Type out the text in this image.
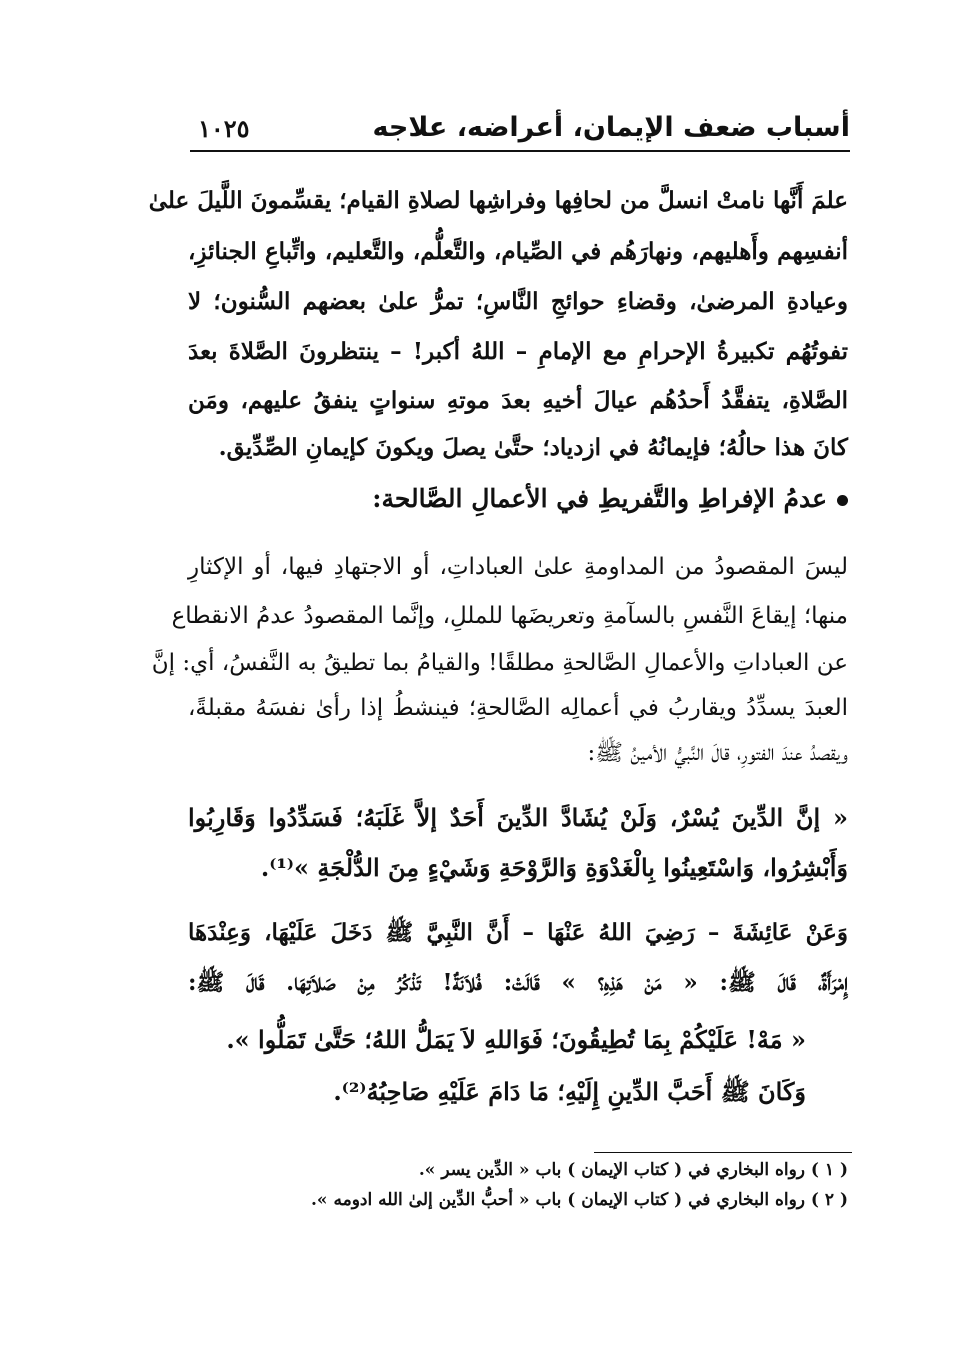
أسباب ضعف الإيمان، أعراضه، علاجه
١٠٢٥
علمَ أَنَّها نامتْ انسلَّ من لحافِها وفراشِها لصلاةِ القيام؛ يقسِّمونَ اللَّيلَ علىٰ
أنفسِهم وأَهليهم، ونهارَهُم في الصِّيام، والتَّعلُّم، والتَّعليم، واتِّباعِ الجنائزِ،
وعيادةِ المرضىٰ، وقضاءِ حوائجِ النَّاسِ؛ تمرُّ علىٰ بعضهم السُّنون؛ لا
تفوتُهُم تكبيرةُ الإحرامِ مع الإمامِ – اللهُ أكبر! – ينتظرونَ الصَّلاةَ بعدَ
الصَّلاةِ، يتفقَّدُ أَحدُهُم عيالَ أخيهِ بعدَ موتهِ سنواتٍ ينفقُ عليهم، ومَن
كانَ هذا حالُهُ؛ فإيمانُهُ في ازدياد؛ حتَّىٰ يصلَ ويكونَ كإيمانِ الصِّدِّيق.
عدمُ الإفراطِ والتَّفريطِ في الأعمالِ الصَّالحة:
ليسَ المقصودُ من المداومةِ علىٰ العباداتِ، أو الاجتهادِ فيها، أو الإكثارِ
منها؛ إيقاعَ النَّفسِ بالسآمةِ وتعريضَها للمللِ، وإنَّما المقصودُ عدمُ الانقطاع
عن العباداتِ والأعمالِ الصَّالحةِ مطلقًا! والقيامُ بما تطيقُ به النَّفسُ، أي: إنَّ
العبدَ يسدِّدُ ويقاربُ في أعمالِه الصَّالحةِ؛ فينشطُ إذا رأىٰ نفسَهُ مقبلةً،
ويقصدُ عندَ الفتورِ، قالَ النَّبيُّ الأمينُ ﷺ:
« إنَّ الدِّينَ يُسْرٌ، وَلَنْ يُشَادَّ الدِّينَ أَحَدٌ إلاَّ غَلَبَهُ؛ فَسَدِّدُوا وَقَارِبُوا
وَأَبْشِرُوا، وَاسْتَعِينُوا بِالْغَدْوَةِ وَالرَّوْحَةِ وَشَيْءٍ مِنَ الدُّلْجَةِ »⁽¹⁾.
وَعَنْ عَائِشَةَ – رَضِيَ اللهُ عَنْهَا – أَنَّ النَّبِيَّ ﷺ دَخَلَ عَلَيْهَا، وَعِنْدَهَا
إِمْرَأَةٌ، قَالَ ﷺ: « مَنْ هَذِهِ؟ » قَالَتْ: فُلاَنَةٌ! تَذْكُرُ مِنْ صَلاَتِهَا. قَالَ ﷺ:
« مَهْ! عَلَيْكُمْ بِمَا تُطِيقُونَ؛ فَوَاللهِ لاَ يَمَلُّ اللهُ؛ حَتَّىٰ تَمَلُّوا ».
وَكَانَ ﷺ أَحَبَّ الدِّينِ إِلَيْهِ؛ مَا دَامَ عَلَيْهِ صَاحِبُهُ⁽²⁾.
( ١ ) رواه البخاري في ( كتاب الإيمان ) باب « الدِّين يسر ».
( ٢ ) رواه البخاري في ( كتاب الإيمان ) باب « أحبُّ الدِّين إلىٰ الله ادومه ».
